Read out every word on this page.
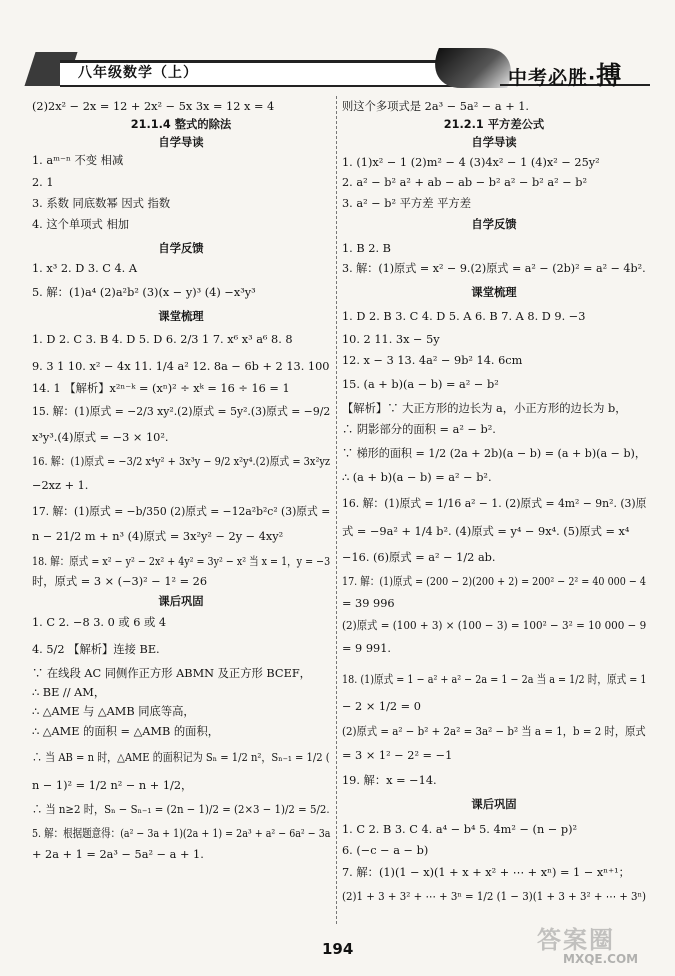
八年级数学（上）	中考必胜·搏
(2)2x² − 2x = 12 + 2x² − 5x 3x = 12 x = 4
21.1.4 整式的除法
自学导读
1. aᵐ⁻ⁿ 不变 相减
2. 1
3. 系数 同底数幂 因式 指数
4. 这个单项式 相加
自学反馈
1. x³ 2. D 3. C 4. A
5. 解：(1)a⁴ (2)a²b² (3)(x − y)³ (4) −x³y³
课堂梳理
1. D 2. C 3. B 4. D 5. D 6. 2/3 1 7. x⁶ x³ a⁶ 8. 8
9. 3 1 10. x² − 4x 11. 1/4 a² 12. 8a − 6b + 2 13. 100
14. 1 【解析】x²ⁿ⁻ᵏ = (xⁿ)² ÷ xᵏ = 16 ÷ 16 = 1
15. 解：(1)原式 = −2/3 xy².(2)原式 = 5y².(3)原式 = −9/2
x³y³.(4)原式 = −3 × 10².
16. 解：(1)原式 = −3/2 x⁴y² + 3x³y − 9/2 x²y⁴.(2)原式 = 3x²yz
−2xz + 1.
17. 解：(1)原式 = −b/350 (2)原式 = −12a²b²c² (3)原式 =
n − 21/2 m + n³ (4)原式 = 3x²y² − 2y − 4xy²
18. 解：原式 = x² − y² − 2x² + 4y² = 3y² − x² 当 x = 1，y = −3
时，原式 = 3 × (−3)² − 1² = 26
课后巩固
1. C 2. −8 3. 0 或 6 或 4
4. 5/2 【解析】连接 BE.
∵ 在线段 AC 同侧作正方形 ABMN 及正方形 BCEF，
∴ BE // AM，
∴ △AME 与 △AMB 同底等高，
∴ △AME 的面积 = △AMB 的面积，
∴ 当 AB = n 时，△AME 的面积记为 Sₙ = 1/2 n²，Sₙ₋₁ = 1/2 (
n − 1)² = 1/2 n² − n + 1/2，
∴ 当 n≥2 时，Sₙ − Sₙ₋₁ = (2n − 1)/2 = (2×3 − 1)/2 = 5/2.
5. 解：根据题意得：(a² − 3a + 1)(2a + 1) = 2a³ + a² − 6a² − 3a
+ 2a + 1 = 2a³ − 5a² − a + 1.
则这个多项式是 2a³ − 5a² − a + 1.
21.2.1 平方差公式
自学导读
1. (1)x² − 1 (2)m² − 4 (3)4x² − 1 (4)x² − 25y²
2. a² − b² a² + ab − ab − b² a² − b² a² − b²
3. a² − b² 平方差 平方差
自学反馈
1. B 2. B
3. 解：(1)原式 = x² − 9.(2)原式 = a² − (2b)² = a² − 4b².
课堂梳理
1. D 2. B 3. C 4. D 5. A 6. B 7. A 8. D 9. −3
10. 2 11. 3x − 5y
12. x − 3 13. 4a² − 9b² 14. 6cm
15. (a + b)(a − b) = a² − b²
【解析】∵ 大正方形的边长为 a，小正方形的边长为 b，
∴ 阴影部分的面积 = a² − b².
∵ 梯形的面积 = 1/2 (2a + 2b)(a − b) = (a + b)(a − b)，
∴ (a + b)(a − b) = a² − b².
16. 解：(1)原式 = 1/16 a² − 1. (2)原式 = 4m² − 9n². (3)原
式 = −9a² + 1/4 b². (4)原式 = y⁴ − 9x⁴. (5)原式 = x⁴
−16. (6)原式 = a² − 1/2 ab.
17. 解：(1)原式 = (200 − 2)(200 + 2) = 200² − 2² = 40 000 − 4
= 39 996
(2)原式 = (100 + 3) × (100 − 3) = 100² − 3² = 10 000 − 9
= 9 991.
18. (1)原式 = 1 − a² + a² − 2a = 1 − 2a 当 a = 1/2 时，原式 = 1
− 2 × 1/2 = 0
(2)原式 = a² − b² + 2a² = 3a² − b² 当 a = 1，b = 2 时，原式
= 3 × 1² − 2² = −1
19. 解：x = −14.
课后巩固
1. C 2. B 3. C 4. a⁴ − b⁴ 5. 4m² − (n − p)²
6. (−c − a − b)
7. 解：(1)(1 − x)(1 + x + x² + ⋯ + xⁿ) = 1 − xⁿ⁺¹；
(2)1 + 3 + 3² + ⋯ + 3ⁿ = 1/2 (1 − 3)(1 + 3 + 3² + ⋯ + 3ⁿ)
194	答案圈
MXQE.COM
